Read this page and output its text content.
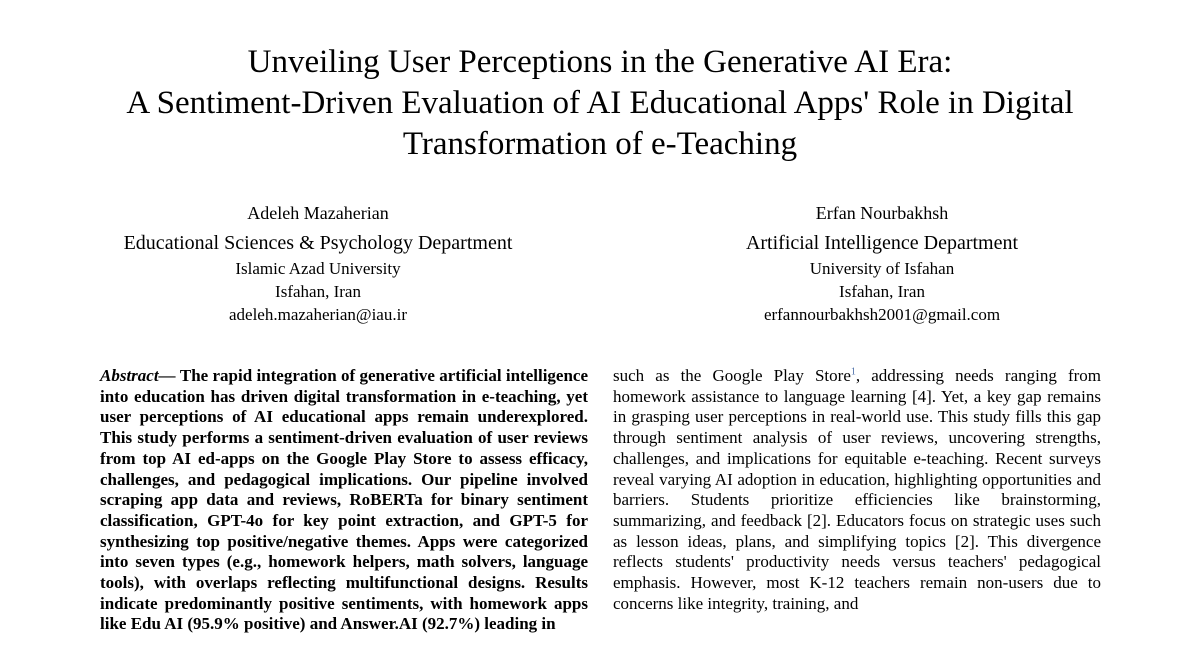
Unveiling User Perceptions in the Generative AI Era:
A Sentiment-Driven Evaluation of AI Educational Apps' Role in Digital
Transformation of e-Teaching
Adeleh Mazaherian
Educational Sciences & Psychology Department
Islamic Azad University
Isfahan, Iran
adeleh.mazaherian@iau.ir
Erfan Nourbakhsh
Artificial Intelligence Department
University of Isfahan
Isfahan, Iran
erfannourbakhsh2001@gmail.com
Abstract— The rapid integration of generative artificial intelligence into education has driven digital transformation in e-teaching, yet user perceptions of AI educational apps remain underexplored. This study performs a sentiment-driven evaluation of user reviews from top AI ed-apps on the Google Play Store to assess efficacy, challenges, and pedagogical implications. Our pipeline involved scraping app data and reviews, RoBERTa for binary sentiment classification, GPT-4o for key point extraction, and GPT-5 for synthesizing top positive/negative themes. Apps were categorized into seven types (e.g., homework helpers, math solvers, language tools), with overlaps reflecting multifunctional designs. Results indicate predominantly positive sentiments, with homework apps like Edu AI (95.9% positive) and Answer.AI (92.7%) leading in
such as the Google Play Store$^1$, addressing needs ranging from homework assistance to language learning [4]. Yet, a key gap remains in grasping user perceptions in real-world use. This study fills this gap through sentiment analysis of user reviews, uncovering strengths, challenges, and implications for equitable e-teaching. Recent surveys reveal varying AI adoption in education, highlighting opportunities and barriers. Students prioritize efficiencies like brainstorming, summarizing, and feedback [2]. Educators focus on strategic uses such as lesson ideas, plans, and simplifying topics [2]. This divergence reflects students' productivity needs versus teachers' pedagogical emphasis. However, most K-12 teachers remain non-users due to concerns like integrity, training, and
